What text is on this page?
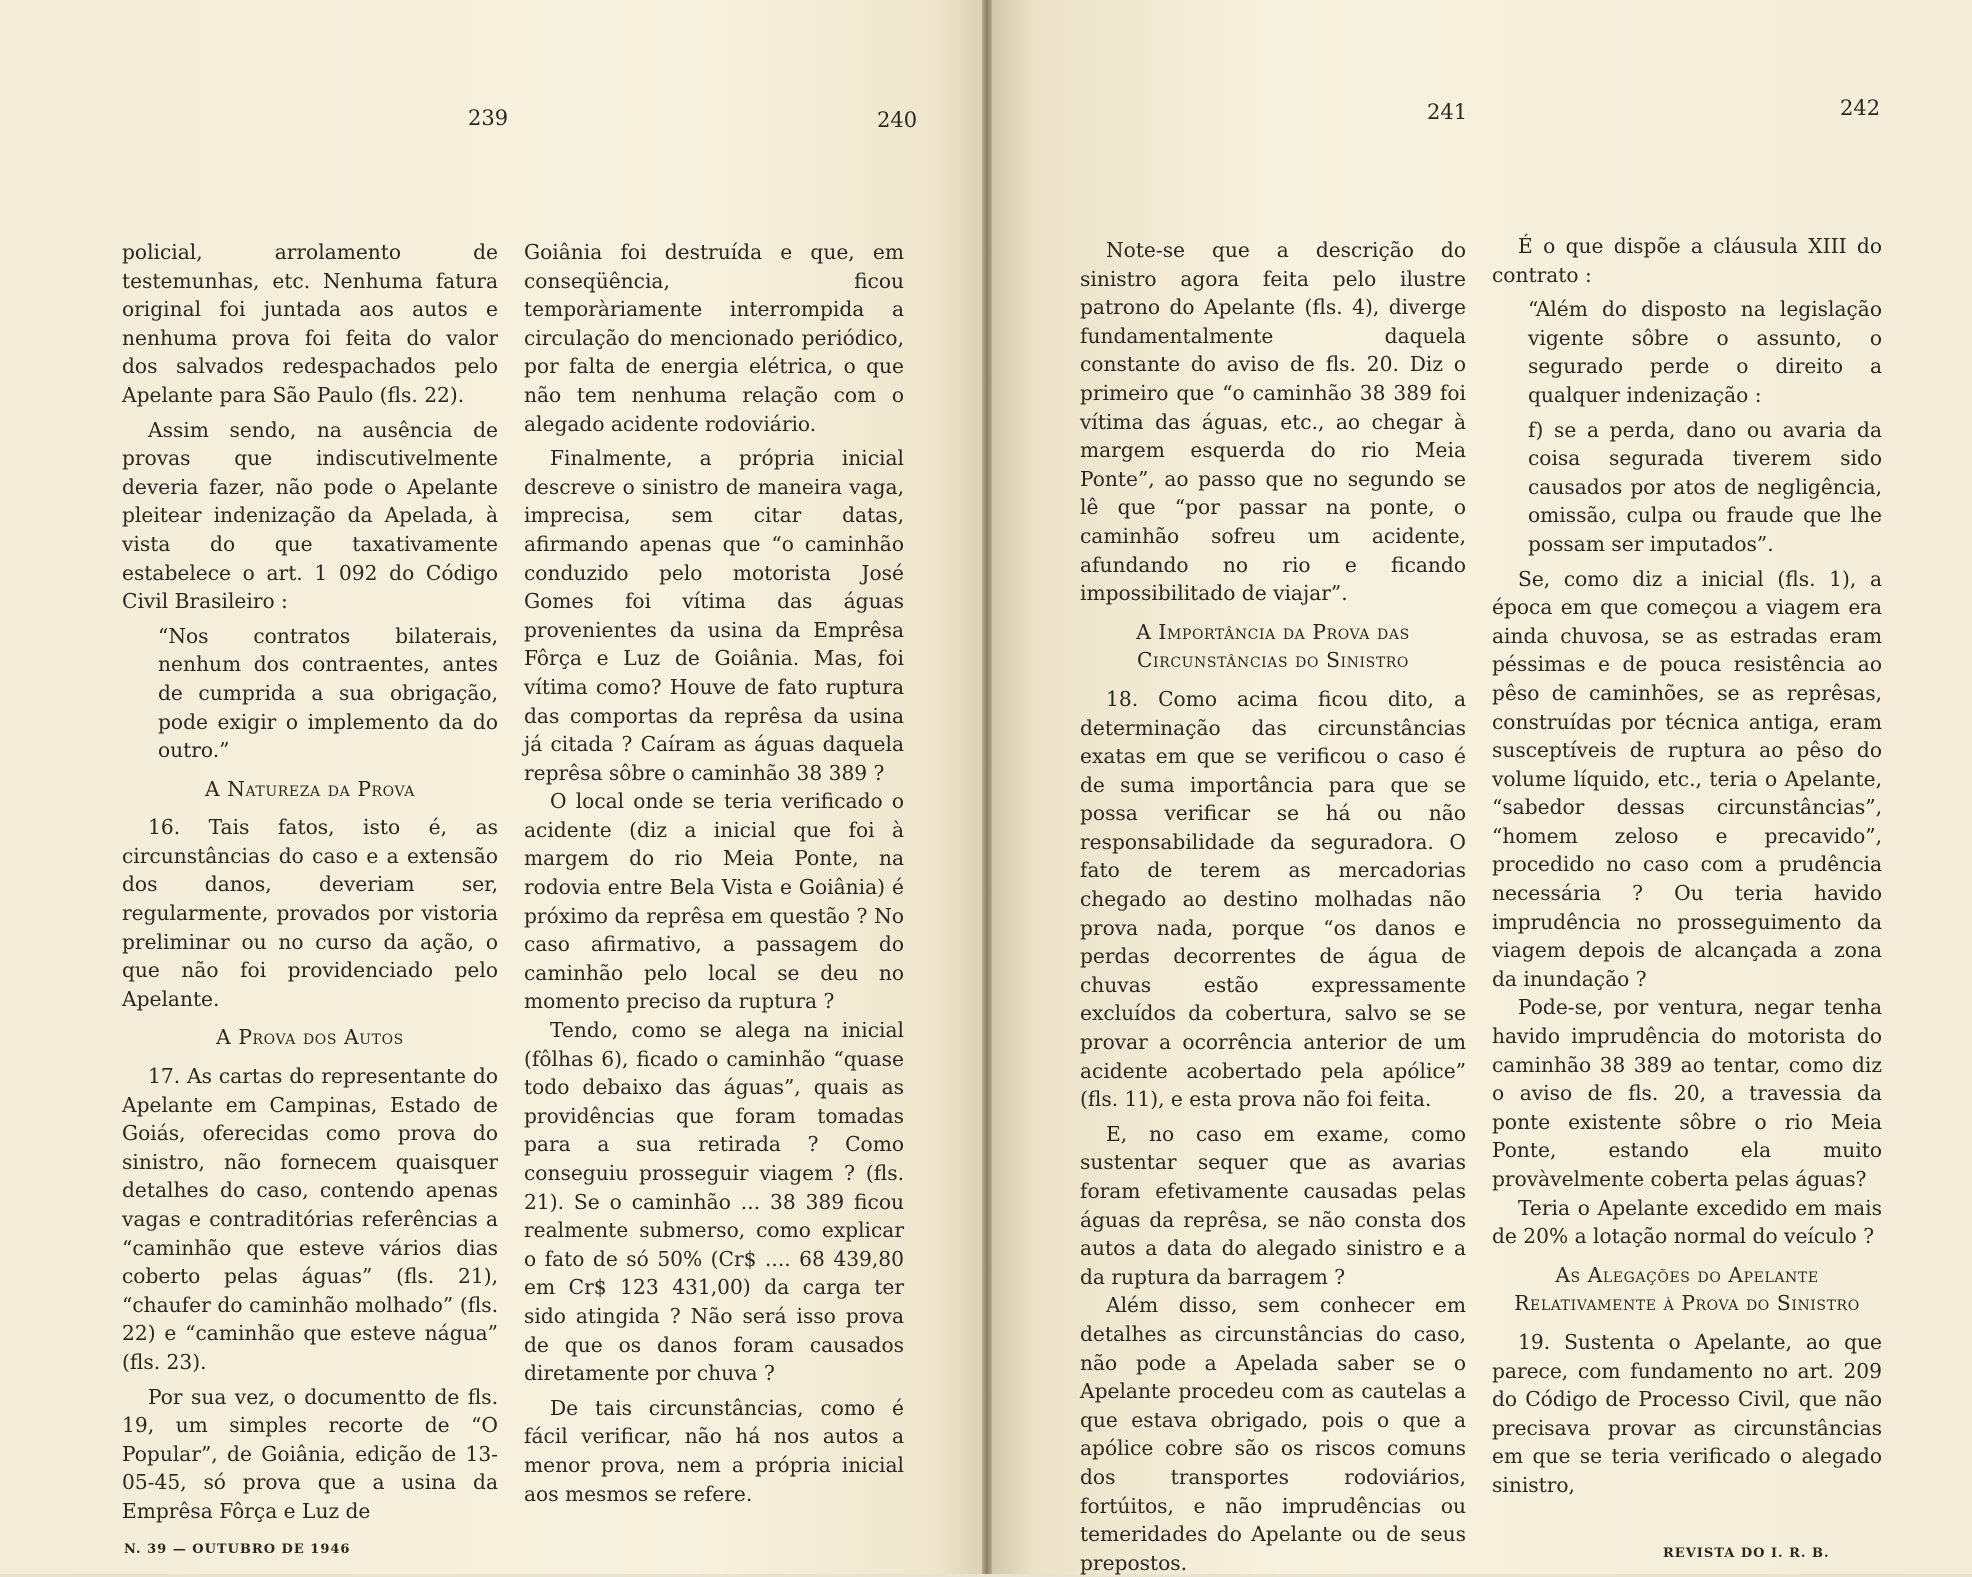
239	240	241	242

policial, arrolamento de testemunhas, etc. Nenhuma fatura original foi juntada aos autos e nenhuma prova foi feita do valor dos salvados redespachados pelo Apelante para São Paulo (fls. 22).

Assim sendo, na ausência de provas que indiscutivelmente deveria fazer, não pode o Apelante pleitear indenização da Apelada, à vista do que taxativamente estabelece o art. 1 092 do Código Civil Brasileiro :

“Nos contratos bilaterais, nenhum dos contraentes, antes de cumprida a sua obrigação, pode exigir o implemento da do outro.”

A Natureza da Prova

16. Tais fatos, isto é, as circunstâncias do caso e a extensão dos danos, deveriam ser, regularmente, provados por vistoria preliminar ou no curso da ação, o que não foi providenciado pelo Apelante.

A Prova dos Autos

17. As cartas do representante do Apelante em Campinas, Estado de Goiás, oferecidas como prova do sinistro, não fornecem quaisquer detalhes do caso, contendo apenas vagas e contraditórias referências a “caminhão que esteve vários dias coberto pelas águas” (fls. 21), “chaufer do caminhão molhado” (fls. 22) e “caminhão que esteve nágua” (fls. 23).

Por sua vez, o documentto de fls. 19, um simples recorte de “O Popular”, de Goiânia, edição de 13-05-45, só prova que a usina da Emprêsa Fôrça e Luz de

Goiânia foi destruída e que, em conseqüência, ficou temporàriamente interrompida a circulação do mencionado periódico, por falta de energia elétrica, o que não tem nenhuma relação com o alegado acidente rodoviário.

Finalmente, a própria inicial descreve o sinistro de maneira vaga, imprecisa, sem citar datas, afirmando apenas que “o caminhão conduzido pelo motorista José Gomes foi vítima das águas provenientes da usina da Emprêsa Fôrça e Luz de Goiânia. Mas, foi vítima como? Houve de fato ruptura das comportas da reprêsa da usina já citada ? Caíram as águas daquela reprêsa sôbre o caminhão 38 389 ?

O local onde se teria verificado o acidente (diz a inicial que foi à margem do rio Meia Ponte, na rodovia entre Bela Vista e Goiânia) é próximo da reprêsa em questão ? No caso afirmativo, a passagem do caminhão pelo local se deu no momento preciso da ruptura ?

Tendo, como se alega na inicial (fôlhas 6), ficado o caminhão “quase todo debaixo das águas”, quais as providências que foram tomadas para a sua retirada ? Como conseguiu prosseguir viagem ? (fls. 21). Se o caminhão ... 38 389 ficou realmente submerso, como explicar o fato de só 50% (Cr$ .... 68 439,80 em Cr$ 123 431,00) da carga ter sido atingida ? Não será isso prova de que os danos foram causados diretamente por chuva ?

De tais circunstâncias, como é fácil verificar, não há nos autos a menor prova, nem a própria inicial aos mesmos se refere.

Note-se que a descrição do sinistro agora feita pelo ilustre patrono do Apelante (fls. 4), diverge fundamentalmente daquela constante do aviso de fls. 20. Diz o primeiro que “o caminhão 38 389 foi vítima das águas, etc., ao chegar à margem esquerda do rio Meia Ponte”, ao passo que no segundo se lê que “por passar na ponte, o caminhão sofreu um acidente, afundando no rio e ficando impossibilitado de viajar”.

A Importância da Prova das Circunstâncias do Sinistro

18. Como acima ficou dito, a determinação das circunstâncias exatas em que se verificou o caso é de suma importância para que se possa verificar se há ou não responsabilidade da seguradora. O fato de terem as mercadorias chegado ao destino molhadas não prova nada, porque “os danos e perdas decorrentes de água de chuvas estão expressamente excluídos da cobertura, salvo se se provar a ocorrência anterior de um acidente acobertado pela apólice” (fls. 11), e esta prova não foi feita.

E, no caso em exame, como sustentar sequer que as avarias foram efetivamente causadas pelas águas da reprêsa, se não consta dos autos a data do alegado sinistro e a da ruptura da barragem ?

Além disso, sem conhecer em detalhes as circunstâncias do caso, não pode a Apelada saber se o Apelante procedeu com as cautelas a que estava obrigado, pois o que a apólice cobre são os riscos comuns dos transportes rodoviários, fortúitos, e não imprudências ou temeridades do Apelante ou de seus prepostos.

É o que dispõe a cláusula XIII do contrato :

“Além do disposto na legislação vigente sôbre o assunto, o segurado perde o direito a qualquer indenização :

f) se a perda, dano ou avaria da coisa segurada tiverem sido causados por atos de negligência, omissão, culpa ou fraude que lhe possam ser imputados”.

Se, como diz a inicial (fls. 1), a época em que começou a viagem era ainda chuvosa, se as estradas eram péssimas e de pouca resistência ao pêso de caminhões, se as reprêsas, construídas por técnica antiga, eram susceptíveis de ruptura ao pêso do volume líquido, etc., teria o Apelante, “sabedor dessas circunstâncias”, “homem zeloso e precavido”, procedido no caso com a prudência necessária ? Ou teria havido imprudência no prosseguimento da viagem depois de alcançada a zona da inundação ?

Pode-se, por ventura, negar tenha havido imprudência do motorista do caminhão 38 389 ao tentar, como diz o aviso de fls. 20, a travessia da ponte existente sôbre o rio Meia Ponte, estando ela muito provàvelmente coberta pelas águas?

Teria o Apelante excedido em mais de 20% a lotação normal do veículo ?

As Alegações do Apelante Relativamente à Prova do Sinistro

19. Sustenta o Apelante, ao que parece, com fundamento no art. 209 do Código de Processo Civil, que não precisava provar as circunstâncias em que se teria verificado o alegado sinistro,

N. 39 — OUTUBRO DE 1946	REVISTA DO I. R. B.
